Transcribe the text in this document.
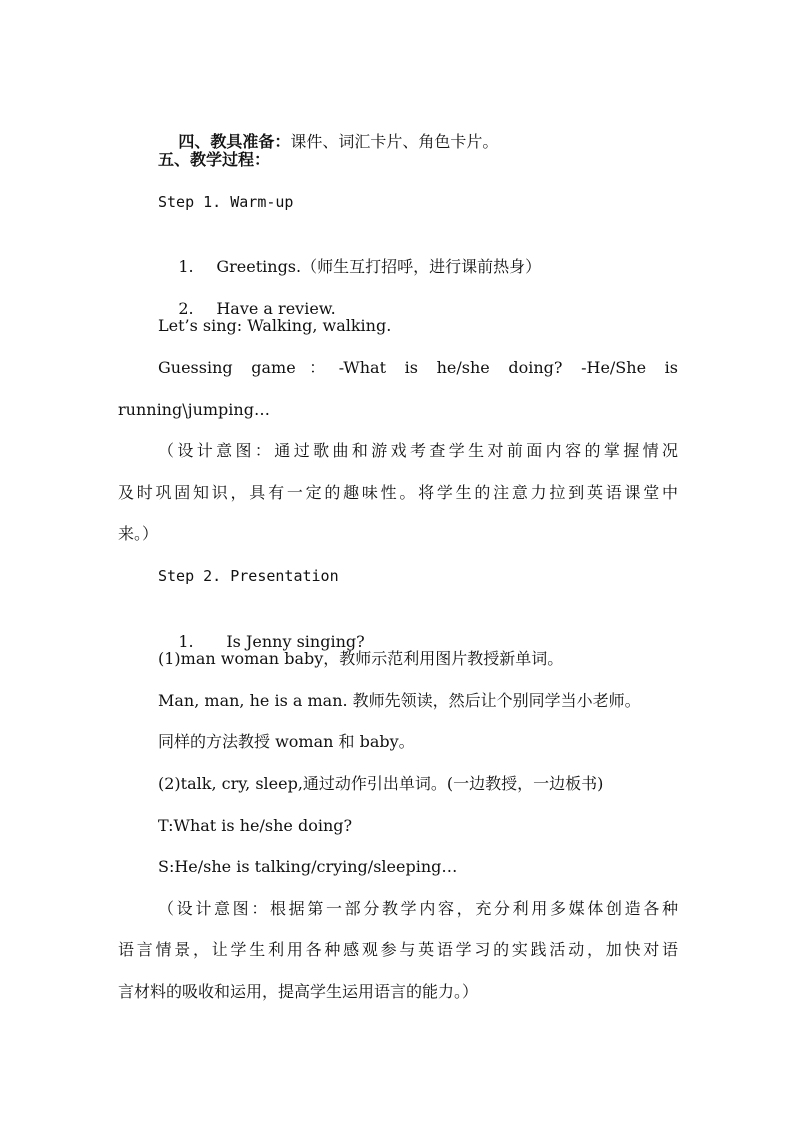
四、教具准备：课件、词汇卡片、角色卡片。

五、教学过程：
Step 1. Warm-up

1. Greetings.（师生互打招呼，进行课前热身）

2. Have a review.

Let’s sing: Walking, walking.
Guessing game：-What is he/she doing? -He/She is
running\jumping…
（设计意图：通过歌曲和游戏考查学生对前面内容的掌握情况
及时巩固知识，具有一定的趣味性。将学生的注意力拉到英语课堂中
来。）
Step 2. Presentation

1. Is Jenny singing?

(1)man woman baby，教师示范利用图片教授新单词。
Man, man, he is a man. 教师先领读，然后让个别同学当小老师。
同样的方法教授 woman 和 baby。
(2)talk, cry, sleep,通过动作引出单词。(一边教授，一边板书)
T:What is he/she doing?
S:He/she is talking/crying/sleeping…
（设计意图：根据第一部分教学内容，充分利用多媒体创造各种
语言情景，让学生利用各种感观参与英语学习的实践活动，加快对语
言材料的吸收和运用，提高学生运用语言的能力。）
